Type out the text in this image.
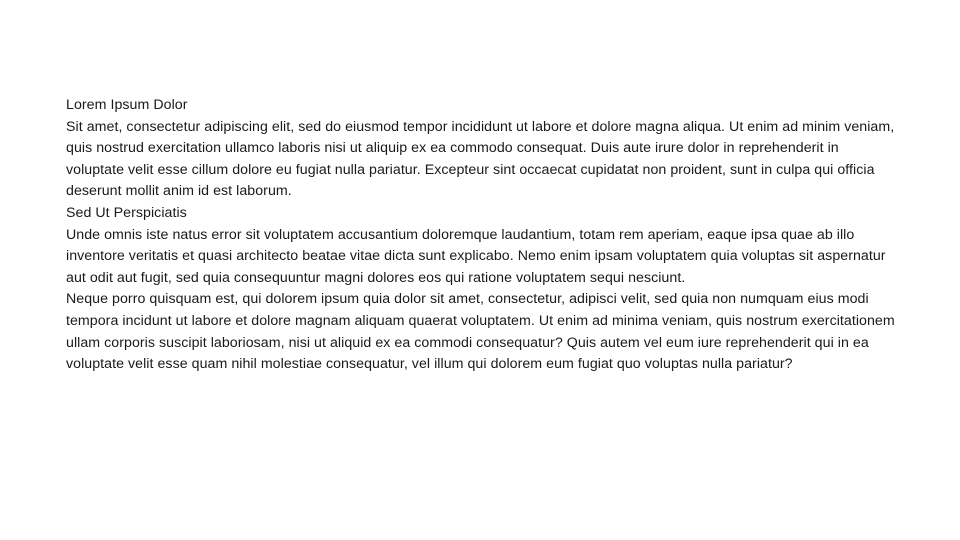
Lorem Ipsum Dolor

Sit amet, consectetur adipiscing elit, sed do eiusmod tempor incididunt ut labore et dolore magna aliqua. Ut enim ad minim veniam, quis nostrud exercitation ullamco laboris nisi ut aliquip ex ea commodo consequat. Duis aute irure dolor in reprehenderit in voluptate velit esse cillum dolore eu fugiat nulla pariatur. Excepteur sint occaecat cupidatat non proident, sunt in culpa qui officia deserunt mollit anim id est laborum.

Sed Ut Perspiciatis

Unde omnis iste natus error sit voluptatem accusantium doloremque laudantium, totam rem aperiam, eaque ipsa quae ab illo inventore veritatis et quasi architecto beatae vitae dicta sunt explicabo. Nemo enim ipsam voluptatem quia voluptas sit aspernatur aut odit aut fugit, sed quia consequuntur magni dolores eos qui ratione voluptatem sequi nesciunt.

Neque porro quisquam est, qui dolorem ipsum quia dolor sit amet, consectetur, adipisci velit, sed quia non numquam eius modi tempora incidunt ut labore et dolore magnam aliquam quaerat voluptatem. Ut enim ad minima veniam, quis nostrum exercitationem ullam corporis suscipit laboriosam, nisi ut aliquid ex ea commodi consequatur? Quis autem vel eum iure reprehenderit qui in ea voluptate velit esse quam nihil molestiae consequatur, vel illum qui dolorem eum fugiat quo voluptas nulla pariatur?
